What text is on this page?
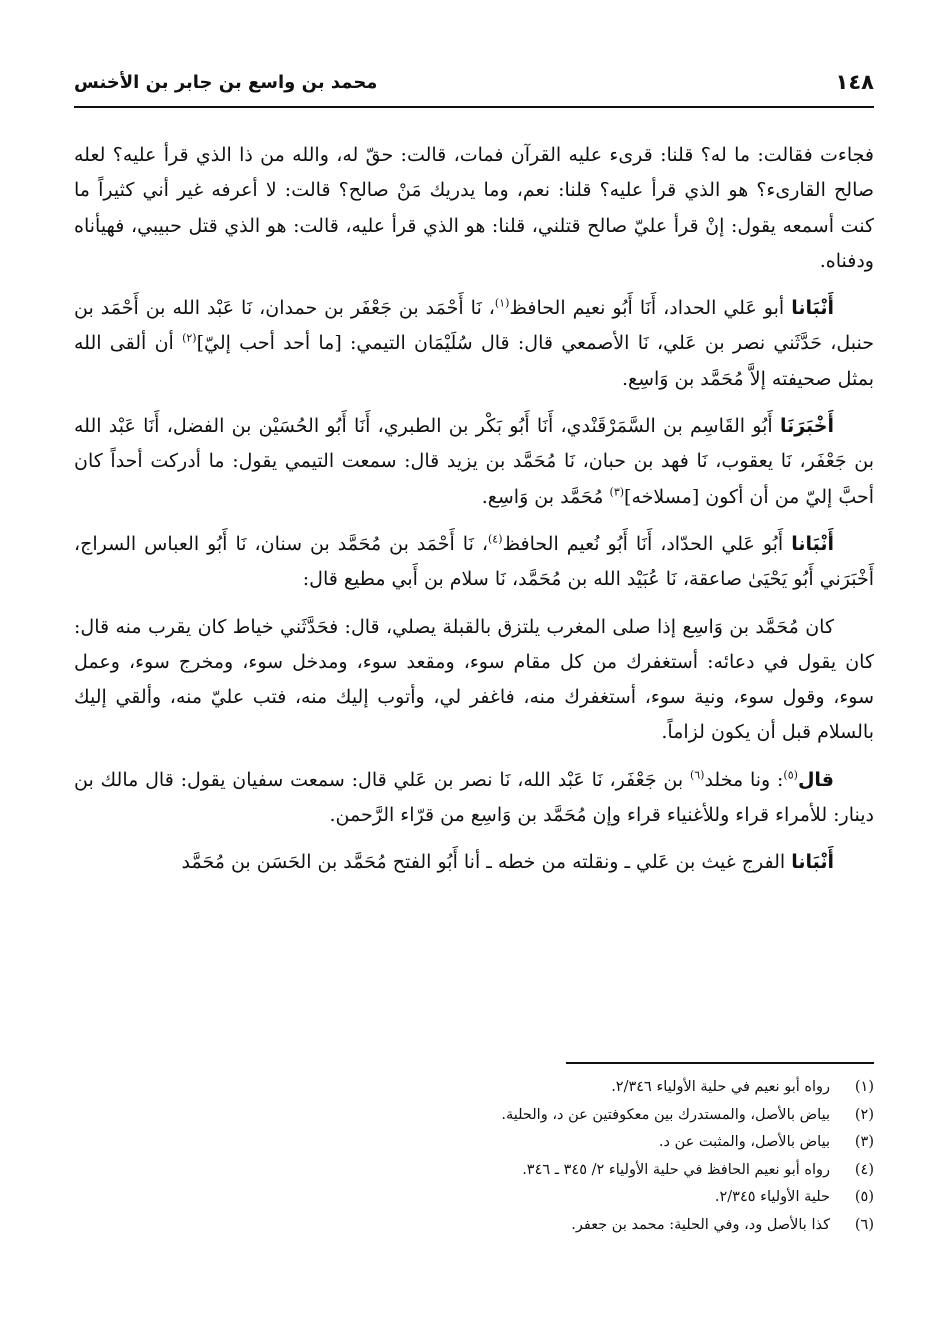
١٤٨
محمد بن واسع بن جابر بن الأخنس

فجاءت فقالت: ما له؟ قلنا: قرىء عليه القرآن فمات، قالت: حقّ له، والله من ذا الذي قرأ عليه؟ لعله صالح القارىء؟ هو الذي قرأ عليه؟ قلنا: نعم، وما يدريك مَنْ صالح؟ قالت: لا أعرفه غير أني كثيراً ما كنت أسمعه يقول: إنْ قرأ عليّ صالح قتلني، قلنا: هو الذي قرأ عليه، قالت: هو الذي قتل حبيبي، فهيأناه ودفناه.

أَنْبَانا أبو عَلي الحداد، أَنَا أَبُو نعيم الحافظ$^{(١)}$، نَا أَحْمَد بن جَعْفَر بن حمدان، نَا عَبْد الله بن أَحْمَد بن حنبل، حَدَّثَني نصر بن عَلي، نَا الأصمعي قال: قال سُلَيْمَان التيمي: [ما أحد أحب إليّ]$^{(٢)}$ أن ألقى الله بمثل صحيفته إلاَّ مُحَمَّد بن وَاسِع.

أَخْبَرَنَا أَبُو القَاسِم بن السَّمَرْقَنْدي، أَنَا أَبُو بَكْر بن الطبري، أَنَا أَبُو الحُسَيْن بن الفضل، أَنَا عَبْد الله بن جَعْفَر، نَا يعقوب، نَا فهد بن حبان، نَا مُحَمَّد بن يزيد قال: سمعت التيمي يقول: ما أدركت أحداً كان أحبَّ إليّ من أن أكون [مسلاخه]$^{(٣)}$ مُحَمَّد بن وَاسِع.

أَنْبَانا أَبُو عَلي الحدّاد، أَنَا أَبُو نُعيم الحافظ$^{(٤)}$، نَا أَحْمَد بن مُحَمَّد بن سنان، نَا أَبُو العباس السراج، أَخْبَرَني أَبُو يَحْيَىٰ صاعقة، نَا عُبَيْد الله بن مُحَمَّد، نَا سلام بن أَبي مطيع قال:

كان مُحَمَّد بن وَاسِع إذا صلى المغرب يلتزق بالقبلة يصلي، قال: فحَدَّثَني خياط كان يقرب منه قال: كان يقول في دعائه: أستغفرك من كل مقام سوء، ومقعد سوء، ومدخل سوء، ومخرج سوء، وعمل سوء، وقول سوء، ونية سوء، أستغفرك منه، فاغفر لي، وأتوب إليك منه، فتب عليّ منه، وألقي إليك بالسلام قبل أن يكون لزاماً.

قال$^{(٥)}$: ونا مخلد$^{(٦)}$ بن جَعْفَر، نَا عَبْد الله، نَا نصر بن عَلي قال: سمعت سفيان يقول: قال مالك بن دينار: للأمراء قراء وللأغنياء قراء وإن مُحَمَّد بن وَاسِع من قرّاء الرَّحمن.

أَنْبَانا الفرج غيث بن عَلي ـ ونقلته من خطه ـ أنا أَبُو الفتح مُحَمَّد بن الحَسَن بن مُحَمَّد

(١)
رواه أبو نعيم في حلية الأولياء ٢/٣٤٦.
(٢)
بياض بالأصل، والمستدرك بين معكوفتين عن د، والحلية.
(٣)
بياض بالأصل، والمثبت عن د.
(٤)
رواه أبو نعيم الحافظ في حلية الأولياء ٢/ ٣٤٥ ـ ٣٤٦.
(٥)
حلية الأولياء ٢/٣٤٥.
(٦)
كذا بالأصل ود، وفي الحلية: محمد بن جعفر.
